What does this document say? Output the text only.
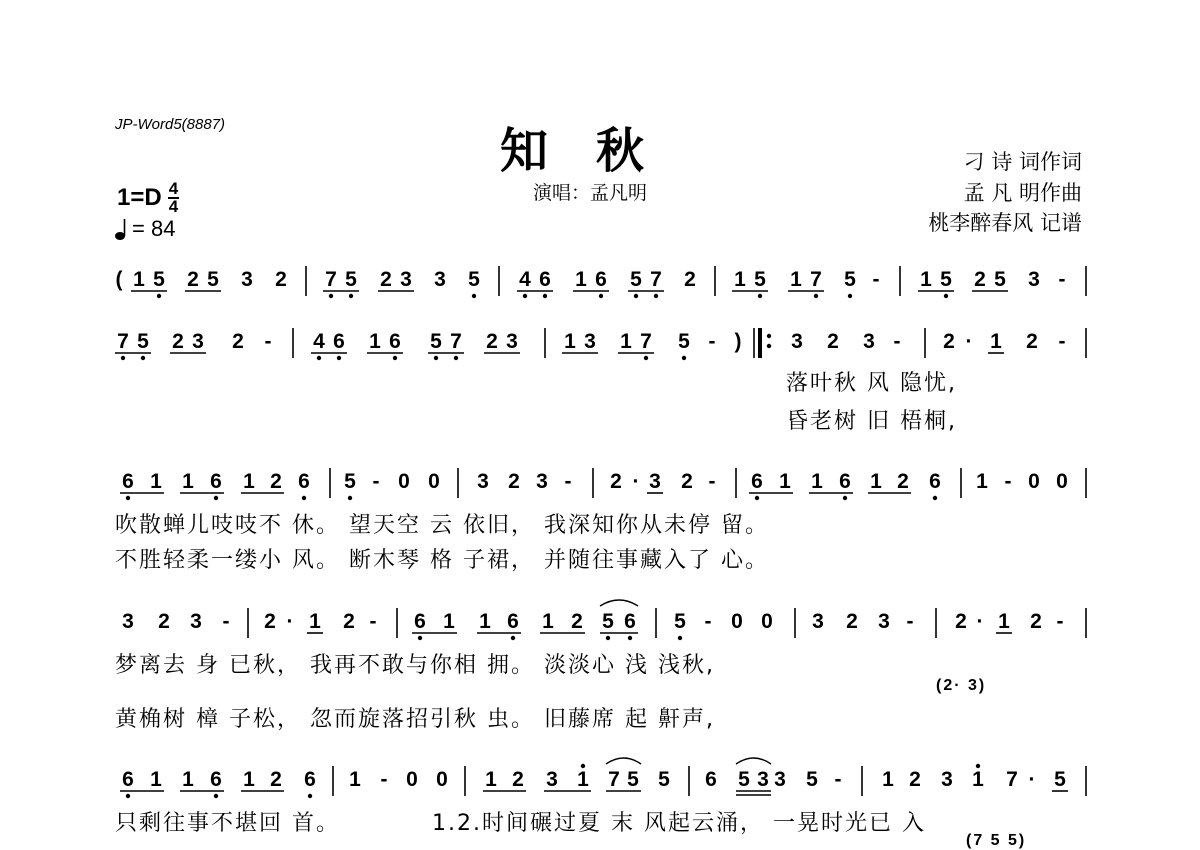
JP-Word5(8887)	知秋
演唱：孟凡明
刁 诗 词作词
孟 凡 明作曲
桃李醉春风 记谱
$1=D \frac{4}{4}$
= 84
( 1 5 2 5 3 2 7 5 2 3 3 5 4 6 1 6 5 7 2 1 5 1 7 5 - 1 5 2 5 3 -
7 5 2 3 2 - 4 6 1 6 5 7 2 3 1 3 1 7 5 - ) 3 2 3 - 2 · 1 2 -
6 1 1 6 1 2 6 5 - 0 0 3 2 3 - 2 · 3 2 - 6 1 1 6 1 2 6 1 - 0 0
3 2 3 - 2 · 1 2 - 6 1 1 6 1 2 5 6 5 - 0 0 3 2 3 - 2 · 1 2 -
6 1 1 6 1 2 6 1 - 0 0 1 2 3 1 7 5 5 6 5 3 3 5 - 1 2 3 1 7 · 5
落叶秋 风 隐忧,
昏老树 旧 梧桐,
吹散蝉儿吱吱不 休。 望天空 云 依旧， 我深知你从未停 留。
不胜轻柔一缕小 风。 断木琴 格 子裙， 并随往事藏入了 心。
梦离去 身 已秋， 我再不敢与你相 拥。 淡淡心 浅 浅秋,
(2· 3)
黄桷树 樟 子松， 忽而旋落招引秋 虫。 旧藤席 起 鼾声,
只剩往事不堪回 首。	1.2.时间碾过夏 末 风起云涌， 一晃时光已 入
(7 5 5)
